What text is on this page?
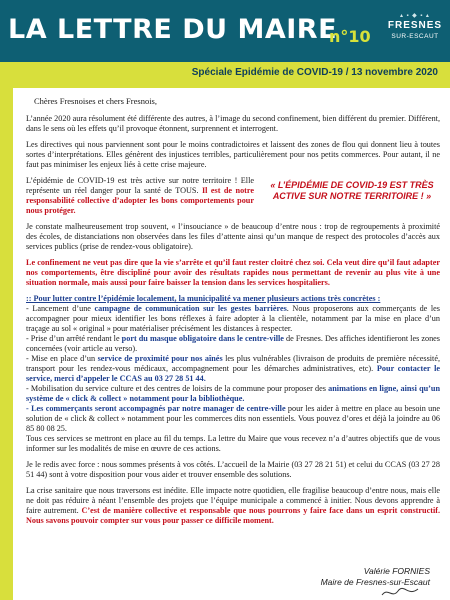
LA LETTRE DU MAIRE
n°10
▴ ▪ ◆ ▪ ▴
FRESNES
SUR-ESCAUT
Spéciale Epidémie de COVID-19 / 13 novembre 2020

Chères Fresnoises et chers Fresnois,

L’année 2020 aura résolument été différente des autres, à l’image du second confinement, bien différent du premier. Différent, dans le sens où les effets qu’il provoque étonnent, surprennent et interrogent.

Les directives qui nous parviennent sont pour le moins contradictoires et laissent des zones de flou qui donnent lieu à toutes sortes d’interprétations. Elles génèrent des injustices terribles, particulièrement pour nos petits commerces. Pour autant, il ne faut pas minimiser les enjeux liés à cette crise majeure.

L’épidémie de COVID-19 est très active sur notre territoire ! Elle représente un réel danger pour la santé de TOUS. Il est de notre responsabilité collective d’adopter les bons comportements pour nous protéger.

« L’ÉPIDÉMIE DE COVID-19 EST TRÈS ACTIVE SUR NOTRE TERRITOIRE ! »

Je constate malheureusement trop souvent, « l’insouciance » de beaucoup d’entre nous : trop de regroupements à proximité des écoles, de distanciations non observées dans les files d’attente ainsi qu’un manque de respect des protocoles d’accès aux services publics (prise de rendez-vous obligatoire).

Le confinement ne veut pas dire que la vie s’arrête et qu’il faut rester cloitré chez soi. Cela veut dire qu’il faut adapter nos comportements, être discipliné pour avoir des résultats rapides nous permettant de revenir au plus vite à une situation normale, mais aussi pour faire baisser la tension dans les services hospitaliers.

:: Pour lutter contre l’épidémie localement, la municipalité va mener plusieurs actions très concrètes :
- Lancement d’une campagne de communication sur les gestes barrières. Nous proposerons aux commerçants de les accompagner pour mieux identifier les bons réflexes à faire adopter à la clientèle, notamment par la mise en place d’un traçage au sol « original » pour matérialiser précisément les distances à respecter.
- Prise d’un arrêté rendant le port du masque obligatoire dans le centre-ville de Fresnes. Des affiches identifieront les zones concernées (voir article au verso).
- Mise en place d’un service de proximité pour nos aînés les plus vulnérables (livraison de produits de première nécessité, transport pour les rendez-vous médicaux, accompagnement pour les démarches administratives, etc). Pour contacter le service, merci d’appeler le CCAS au 03 27 28 51 44.
- Mobilisation du service culture et des centres de loisirs de la commune pour proposer des animations en ligne, ainsi qu’un système de « click & collect » notamment pour la bibliothèque.
- Les commerçants seront accompagnés par notre manager de centre-ville pour les aider à mettre en place au besoin une solution de « click & collect » notamment pour les commerces dits non essentiels. Vous pouvez d’ores et déjà la joindre au 06 85 80 08 25.
Tous ces services se mettront en place au fil du temps. La lettre du Maire que vous recevez n’a d’autres objectifs que de vous informer sur les modalités de mise en œuvre de ces actions.

Je le redis avec force : nous sommes présents à vos côtés. L’accueil de la Mairie (03 27 28 21 51) et celui du CCAS (03 27 28 51 44) sont à votre disposition pour vous aider et trouver ensemble des solutions.

La crise sanitaire que nous traversons est inédite. Elle impacte notre quotidien, elle fragilise beaucoup d’entre nous, mais elle ne doit pas réduire à néant l’ensemble des projets que l’équipe municipale a commencé à initier. Nous devons apprendre à faire autrement. C’est de manière collective et responsable que nous pourrons y faire face dans un esprit constructif. Nous savons pouvoir compter sur vous pour passer ce difficile moment.

Valérie FORNIES
Maire de Fresnes-sur-Escaut
